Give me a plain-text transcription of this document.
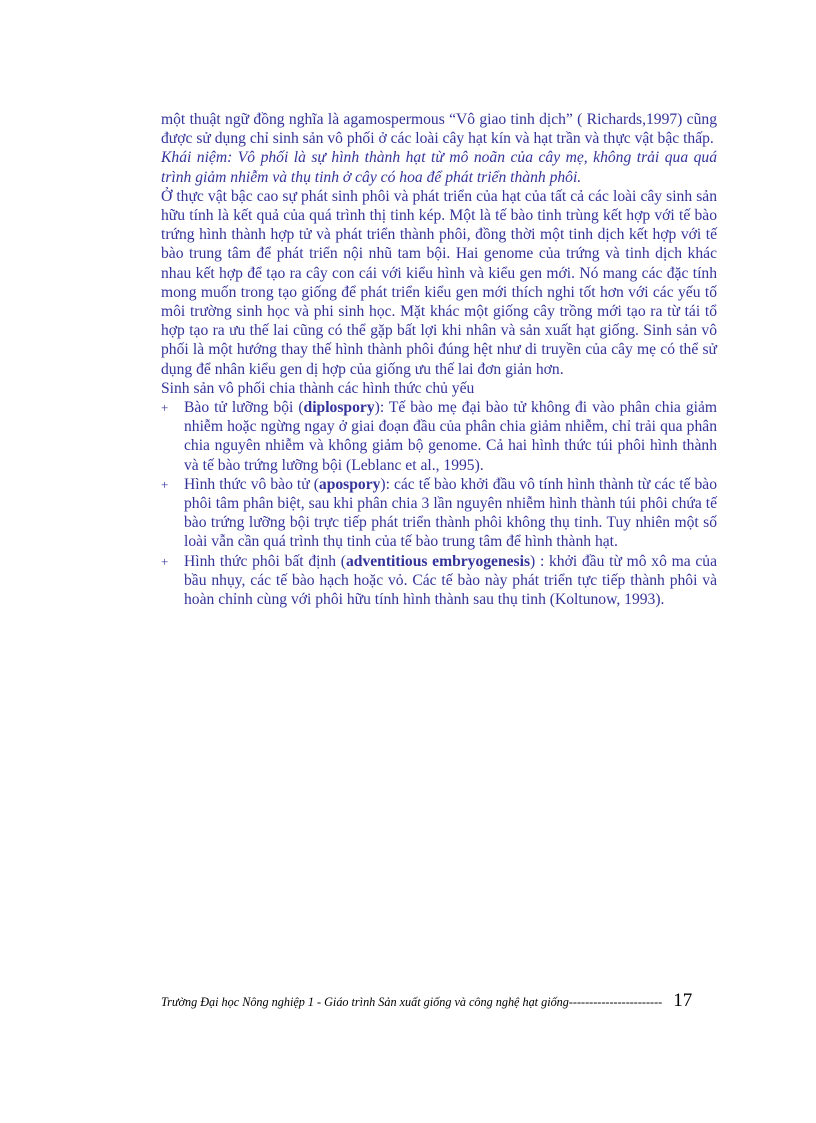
một thuật ngữ đồng nghĩa là agamospermous “Vô giao tinh dịch” ( Richards,1997) cũng được sử dụng chỉ sinh sản vô phối ở các loài cây hạt kín và hạt trần và thực vật bậc thấp.

Khái niệm: Vô phối là sự hình thành hạt từ mô noãn của cây mẹ, không trải qua quá trình giảm nhiễm và thụ tinh ở cây có hoa để phát triển thành phôi.

Ở thực vật bậc cao sự phát sinh phôi và phát triển của hạt của tất cả các loài cây sinh sản hữu tính là kết quả của quá trình thị tinh kép. Một là tế bào tinh trùng kết hợp với tế bào trứng hình thành hợp tử và phát triển thành phôi, đồng thời một tinh dịch kết hợp với tế bào trung tâm để phát triển nội nhũ tam bội. Hai genome của trứng và tinh dịch khác nhau kết hợp để tạo ra cây con cái với kiểu hình và kiểu gen mới. Nó mang các đặc tính mong muốn trong tạo giống để phát triển kiểu gen mới thích nghi tốt hơn với các yếu tố môi trường sinh học và phi sinh học. Mặt khác một giống cây trồng mới tạo ra từ tái tổ hợp tạo ra ưu thế lai cũng có thể gặp bất lợi khi nhân và sản xuất hạt giống. Sinh sản vô phối là một hướng thay thế hình thành phôi đúng hệt như di truyền của cây mẹ có thể sử dụng để nhân kiểu gen dị hợp của giống ưu thế lai đơn giản hơn.

Sinh sản vô phối chia thành các hình thức chủ yếu

+ Bào tử lưỡng bội (diplospory): Tế bào mẹ đại bào tử không đi vào phân chia giảm nhiễm hoặc ngừng ngay ở giai đoạn đầu của phân chia giảm nhiễm, chỉ trải qua phân chia nguyên nhiễm và không giảm bộ genome. Cả hai hình thức túi phôi hình thành và tế bào trứng lưỡng bội (Leblanc et al., 1995).
+ Hình thức vô bào tử (apospory): các tế bào khởi đầu vô tính hình thành từ các tế bào phôi tâm phân biệt, sau khi phân chia 3 lần nguyên nhiễm hình thành túi phôi chứa tế bào trứng lưỡng bội trực tiếp phát triển thành phôi không thụ tinh. Tuy nhiên một số loài vẫn cần quá trình thụ tinh của tế bào trung tâm để hình thành hạt.
+ Hình thức phôi bất định (adventitious embryogenesis) : khởi đầu từ mô xô ma của bầu nhụy, các tế bào hạch hoặc vỏ. Các tế bào này phát triển tực tiếp thành phôi và hoàn chỉnh cùng với phôi hữu tính hình thành sau thụ tinh (Koltunow, 1993).
Trường Đại học Nông nghiệp 1 - Giáo trình Sản xuất giống và công nghệ hạt giống ----------------------- 17
